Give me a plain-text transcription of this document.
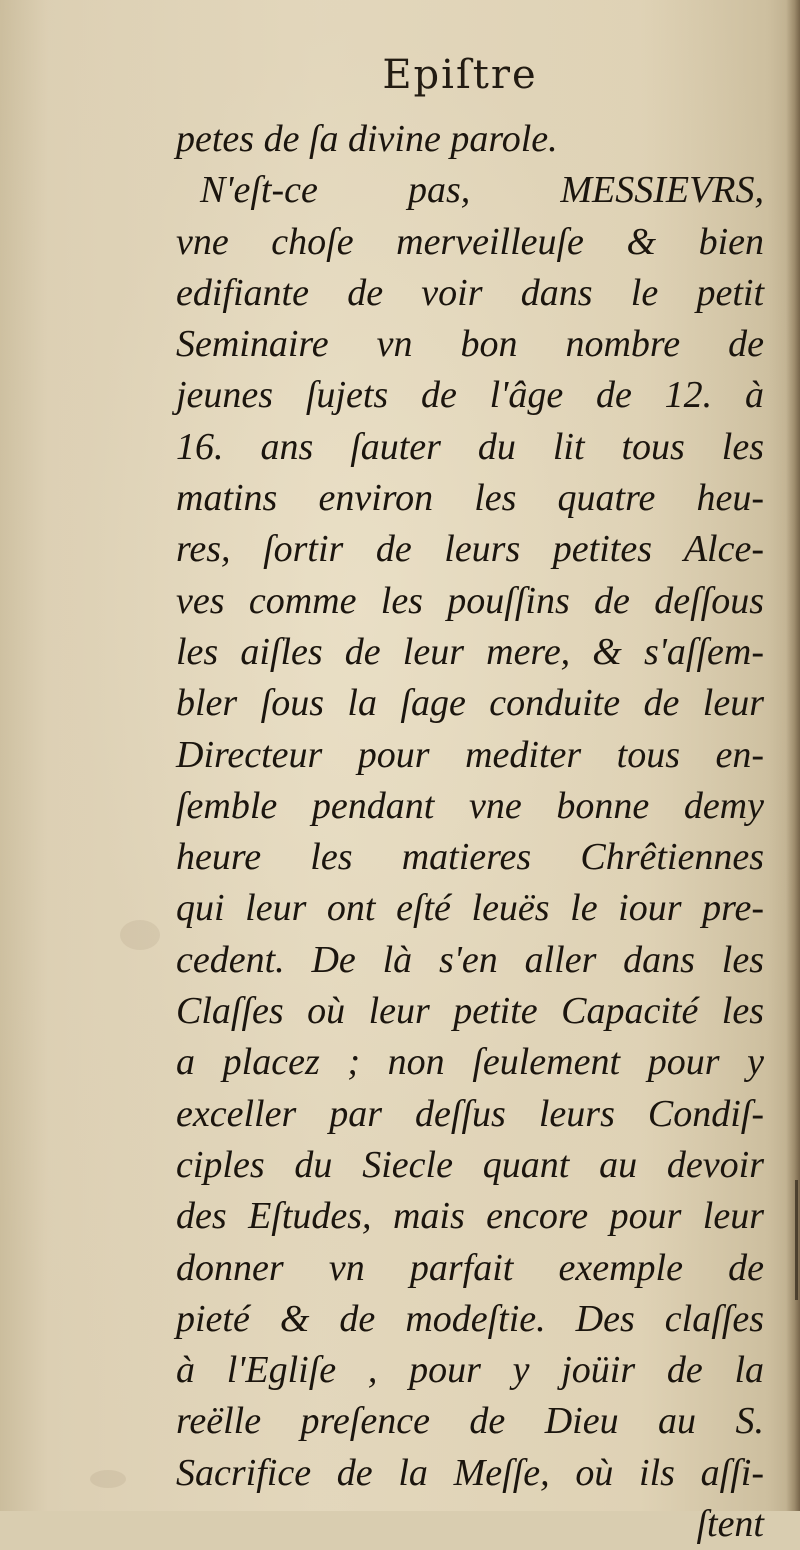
Epiſtre
petes de ſa divine parole.
N'eſt-ce pas, MESSIEVRS,
vne choſe merveilleuſe & bien
edifiante de voir dans le petit
Seminaire vn bon nombre de
jeunes ſujets de l'âge de 12. à
16. ans ſauter du lit tous les
matins environ les quatre heu-
res, ſortir de leurs petites Alce-
ves comme les pouſſins de deſſous
les aiſles de leur mere, & s'aſſem-
bler ſous la ſage conduite de leur
Directeur pour mediter tous en-
ſemble pendant vne bonne demy
heure les matieres Chrêtiennes
qui leur ont eſté leuës le iour pre-
cedent. De là s'en aller dans les
Claſſes où leur petite Capacité les
a placez ; non ſeulement pour y
exceller par deſſus leurs Condiſ-
ciples du Siecle quant au devoir
des Eſtudes, mais encore pour leur
donner vn parfait exemple de
pieté & de modeſtie. Des claſſes
à l'Egliſe , pour y joüir de la
reëlle preſence de Dieu au S.
Sacrifice de la Meſſe, où ils aſſi-
ſtent
